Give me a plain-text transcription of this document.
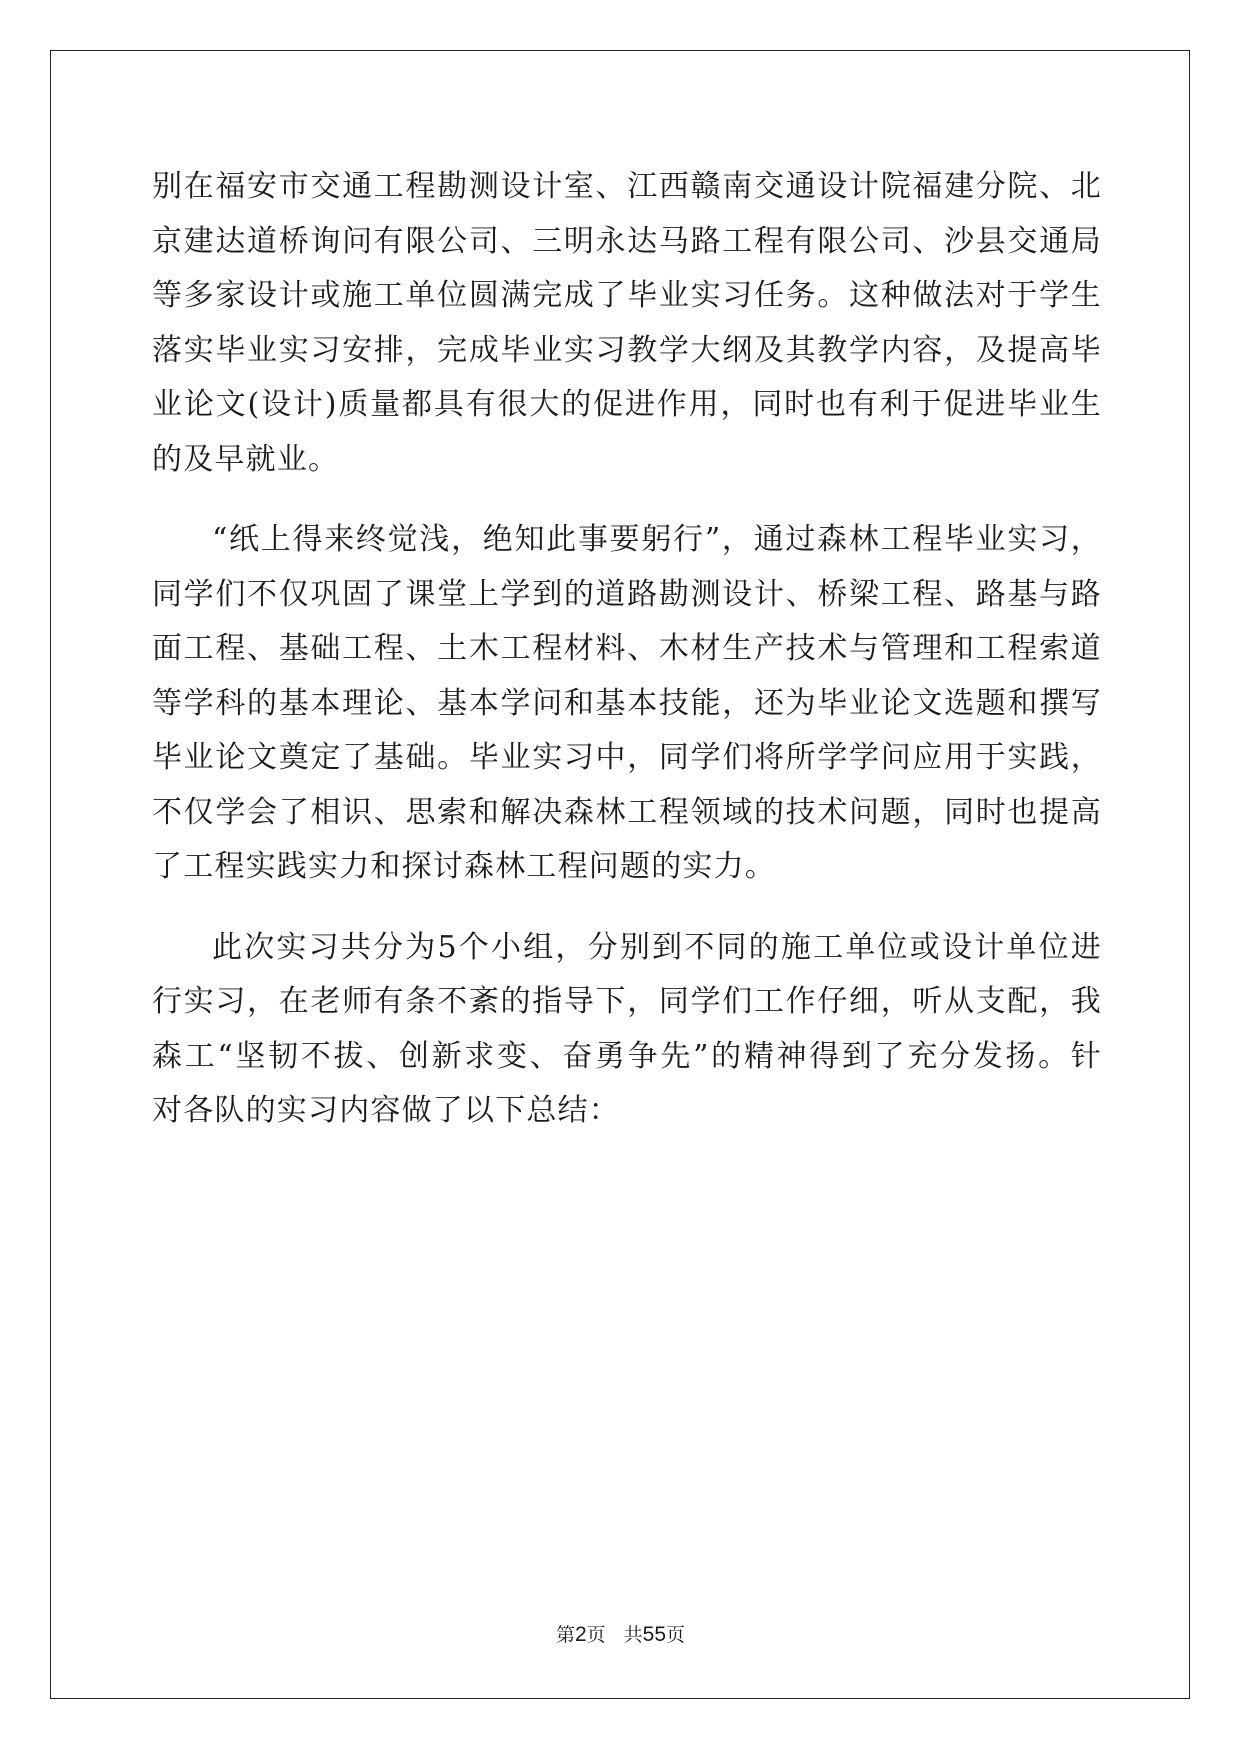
别在福安市交通工程勘测设计室、江西赣南交通设计院福建分院、北
京建达道桥询问有限公司、三明永达马路工程有限公司、沙县交通局
等多家设计或施工单位圆满完成了毕业实习任务。这种做法对于学生
落实毕业实习安排，完成毕业实习教学大纲及其教学内容，及提高毕
业论文(设计)质量都具有很大的促进作用，同时也有利于促进毕业生
的及早就业。
“纸上得来终觉浅，绝知此事要躬行”，通过森林工程毕业实习，
同学们不仅巩固了课堂上学到的道路勘测设计、桥梁工程、路基与路
面工程、基础工程、土木工程材料、木材生产技术与管理和工程索道
等学科的基本理论、基本学问和基本技能，还为毕业论文选题和撰写
毕业论文奠定了基础。毕业实习中，同学们将所学学问应用于实践，
不仅学会了相识、思索和解决森林工程领域的技术问题，同时也提高
了工程实践实力和探讨森林工程问题的实力。
此次实习共分为5个小组，分别到不同的施工单位或设计单位进
行实习，在老师有条不紊的指导下，同学们工作仔细，听从支配，我
森工“坚韧不拔、创新求变、奋勇争先”的精神得到了充分发扬。针
对各队的实习内容做了以下总结：
第2页 共55页
